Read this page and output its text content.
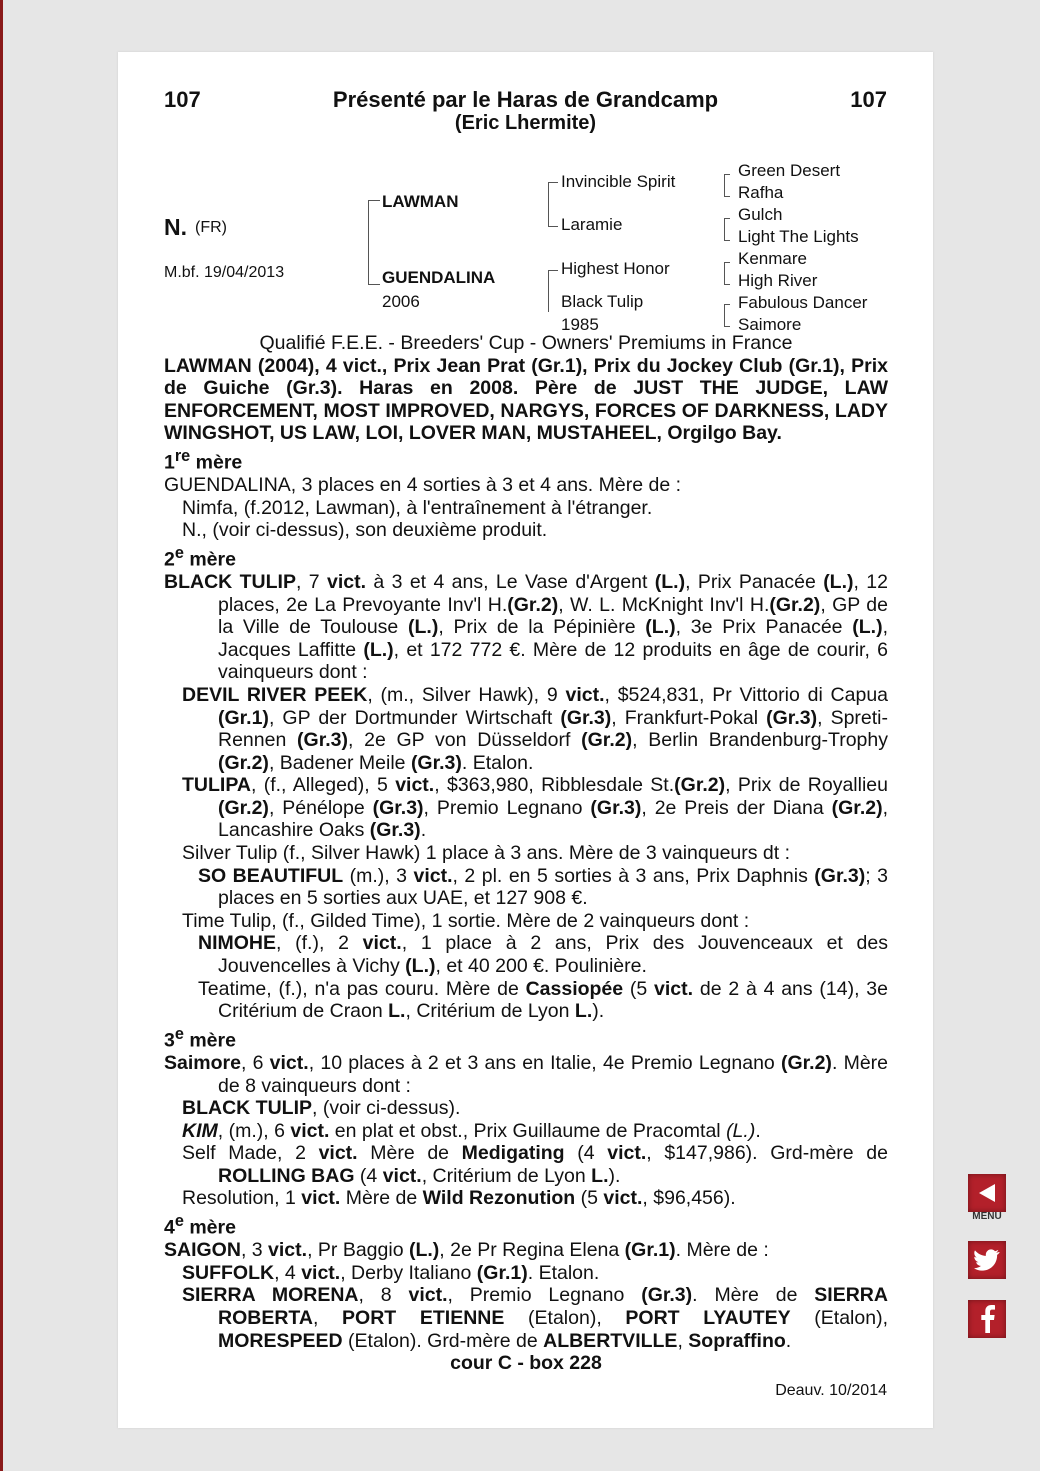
107	Présenté par le Haras de Grandcamp	107
(Eric Lhermite)
N. (FR)
M.bf. 19/04/2013
LAWMAN
GUENDALINA
2006
Invincible Spirit
Laramie
Highest Honor
Black Tulip
1985
Green Desert
Rafha
Gulch
Light The Lights
Kenmare
High River
Fabulous Dancer
Saimore

Qualifié F.E.E. - Breeders' Cup - Owners' Premiums in France

LAWMAN (2004), 4 vict., Prix Jean Prat (Gr.1), Prix du Jockey Club (Gr.1), Prix de Guiche (Gr.3). Haras en 2008. Père de JUST THE JUDGE, LAW ENFORCEMENT, MOST IMPROVED, NARGYS, FORCES OF DARKNESS, LADY WINGSHOT, US LAW, LOI, LOVER MAN, MUSTAHEEL, Orgilgo Bay.

1re mère

GUENDALINA, 3 places en 4 sorties à 3 et 4 ans. Mère de :

Nimfa, (f.2012, Lawman), à l'entraînement à l'étranger.

N., (voir ci-dessus), son deuxième produit.

2e mère

BLACK TULIP, 7 vict. à 3 et 4 ans, Le Vase d'Argent (L.), Prix Panacée (L.), 12 places, 2e La Prevoyante Inv'l H.(Gr.2), W. L. McKnight Inv'l H.(Gr.2), GP de la Ville de Toulouse (L.), Prix de la Pépinière (L.), 3e Prix Panacée (L.), Jacques Laffitte (L.), et 172 772 €. Mère de 12 produits en âge de courir, 6 vainqueurs dont :

DEVIL RIVER PEEK, (m., Silver Hawk), 9 vict., $524,831, Pr Vittorio di Capua (Gr.1), GP der Dortmunder Wirtschaft (Gr.3), Frankfurt-Pokal (Gr.3), Spreti-Rennen (Gr.3), 2e GP von Düsseldorf (Gr.2), Berlin Brandenburg-Trophy (Gr.2), Badener Meile (Gr.3). Etalon.

TULIPA, (f., Alleged), 5 vict., $363,980, Ribblesdale St.(Gr.2), Prix de Royallieu (Gr.2), Pénélope (Gr.3), Premio Legnano (Gr.3), 2e Preis der Diana (Gr.2), Lancashire Oaks (Gr.3).

Silver Tulip (f., Silver Hawk) 1 place à 3 ans. Mère de 3 vainqueurs dt :

SO BEAUTIFUL (m.), 3 vict., 2 pl. en 5 sorties à 3 ans, Prix Daphnis (Gr.3); 3 places en 5 sorties aux UAE, et 127 908 €.

Time Tulip, (f., Gilded Time), 1 sortie. Mère de 2 vainqueurs dont :

NIMOHE, (f.), 2 vict., 1 place à 2 ans, Prix des Jouvenceaux et des Jouvencelles à Vichy (L.), et 40 200 €. Poulinière.

Teatime, (f.), n'a pas couru. Mère de Cassiopée (5 vict. de 2 à 4 ans (14), 3e Critérium de Craon L., Critérium de Lyon L.).

3e mère

Saimore, 6 vict., 10 places à 2 et 3 ans en Italie, 4e Premio Legnano (Gr.2). Mère de 8 vainqueurs dont :

BLACK TULIP, (voir ci-dessus).

KIM, (m.), 6 vict. en plat et obst., Prix Guillaume de Pracomtal (L.).

Self Made, 2 vict. Mère de Medigating (4 vict., $147,986). Grd-mère de ROLLING BAG (4 vict., Critérium de Lyon L.).

Resolution, 1 vict. Mère de Wild Rezonution (5 vict., $96,456).

4e mère

SAIGON, 3 vict., Pr Baggio (L.), 2e Pr Regina Elena (Gr.1). Mère de :

SUFFOLK, 4 vict., Derby Italiano (Gr.1). Etalon.

SIERRA MORENA, 8 vict., Premio Legnano (Gr.3). Mère de SIERRA ROBERTA, PORT ETIENNE (Etalon), PORT LYAUTEY (Etalon), MORESPEED (Etalon). Grd-mère de ALBERTVILLE, Sopraffino.

cour C - box 228

Deauv. 10/2014
MENU
